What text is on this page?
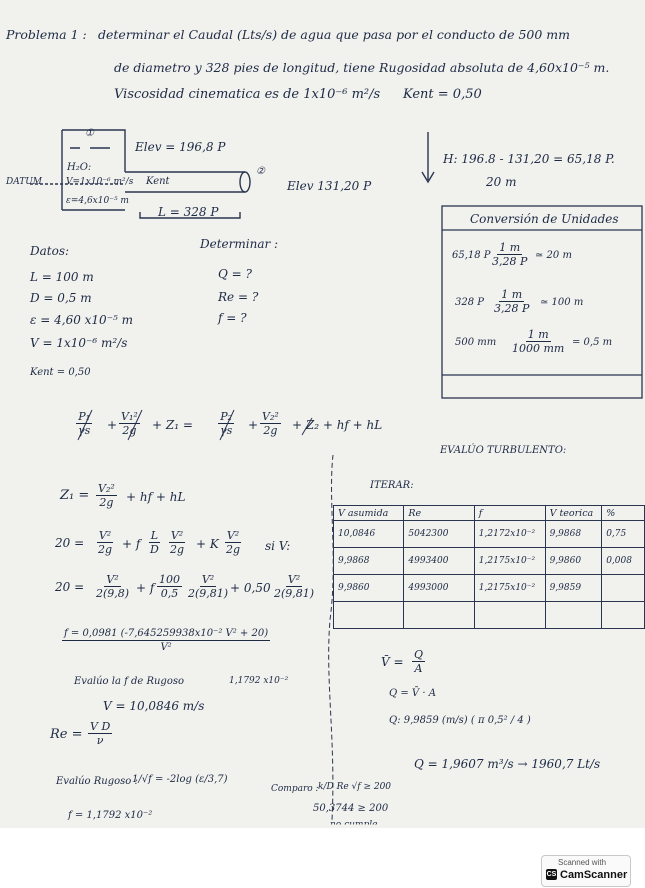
Problema 1 : determinar el Caudal (Lts/s) de agua que pasa por el conducto de 500 mm
de diametro y 328 pies de longitud, tiene Rugosidad absoluta de 4,60x10⁻⁵ m.
Viscosidad cinematica es de 1x10⁻⁶ m²/s Kent = 0,50
①
Elev = 196,8 P
H₂O:
V=1x10⁻⁶ m²/s
ε=4,6x10⁻⁵ m
DATUM	Kent
②
Elev 131,20 P
L = 328 P
H: 196.8 - 131,20 = 65,18 P.
20 m
Conversión de Unidades
65,18 P $\frac{1 m}{3,28 P}$ ≃ 20 m
328 P $\frac{1 m}{3,28 P}$ ≃ 100 m
500 mm $\frac{1 m}{1000 mm} = 0,5$ m
Datos:
L = 100 m
D = 0,5 m
ε = 4,60 x10⁻⁵ m
V = 1x10⁻⁶ m²/s
Kent = 0,50
Determinar :
Q = ?
Re = ?
f = ?
$\frac{\text{P₁}}{\gamma s} + \frac{\text{V₁²}}{2g} + Z_1 = \frac{\text{P₂}}{\gamma s} + \frac{\text{V₂²}}{2g} + Z_2$ + hf + hL
$Z_1 = \frac{\text{V₂²}}{2g}$ + hf + hL
$20 = \frac{\text{V²}}{2g} + f \frac{L}{D} \frac{\text{V²}}{2g} + K \frac{\text{V²}}{2g}$ si V:
$20 = \frac{\text{V²}}{2(9,8)} + f \frac{100}{0,5} \frac{\text{V²}}{2(9,81)} + 0,50 \frac{\text{V²}}{2(9,81)}$
$\frac{\text{f = 0,0981 (-7,645259938x10⁻² V² + 20)}}{\text{V²}}$
Evalúo la f de Rugoso	1,1792 x10⁻²
V = 10,0846 m/s
$Re = \frac{\text{V D}}{\nu}$
Evalúo Rugoso :
1/√f = -2log (ε/3,7)
f = 1,1792 x10⁻²
EVALÚO TURBULENTO:
ITERAR:
V asumida	Re	f	V teorica	%
10,0846	5042300	1,2172x10⁻²	9,9868	0,75
9,9868	4993400	1,2175x10⁻²	9,9860	0,008
9,9860	4993000	1,2175x10⁻²	9,9859	

V̄ = $\frac{Q}{A}$
Q = V̄ · A
Q: 9,9859 (m/s) ( π 0,5² / 4 )
Q = 1,9607 m³/s → 1960,7 Lt/s
Comparo : k/D Re √f ≥ 200
50,3744 ≥ 200
Scanned with
CS CamScanner
